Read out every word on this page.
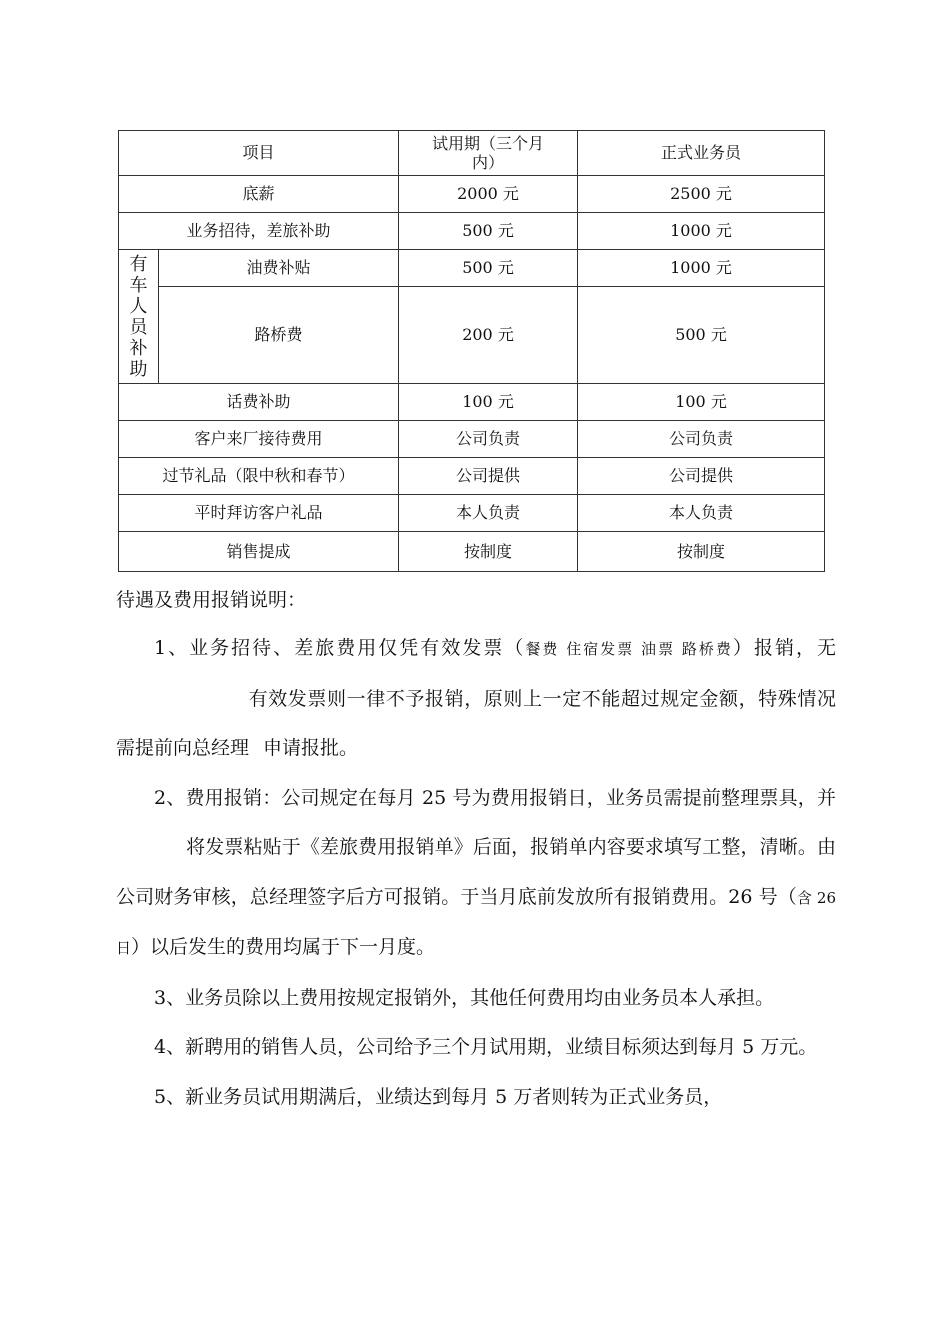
项目		试用期（三个月内）	正式业务员
底薪		2000 元	2500 元
业务招待，差旅补助		500 元	1000 元

有车人员补助	油费补贴	500 元	1000 元
	路桥费	200 元	500 元
话费补助		100 元	100 元
客户来厂接待费用		公司负责	公司负责
过节礼品（限中秋和春节）		公司提供	公司提供
平时拜访客户礼品		本人负责	本人负责
销售提成		按制度	按制度
待遇及费用报销说明：

1、业务招待、差旅费用仅凭有效发票（餐费 住宿发票 油票 路桥费）报销，无有效发票则一律不予报销，原则上一定不能超过规定金额，特殊情况需提前向总经理 申请报批。

2、费用报销：公司规定在每月 25 号为费用报销日，业务员需提前整理票具，并将发票粘贴于《差旅费用报销单》后面，报销单内容要求填写工整，清晰。由公司财务审核，总经理签字后方可报销。于当月底前发放所有报销费用。26 号（含 26 日）以后发生的费用均属于下一月度。

3、业务员除以上费用按规定报销外，其他任何费用均由业务员本人承担。

4、新聘用的销售人员，公司给予三个月试用期，业绩目标须达到每月 5 万元。

5、新业务员试用期满后，业绩达到每月 5 万者则转为正式业务员，
